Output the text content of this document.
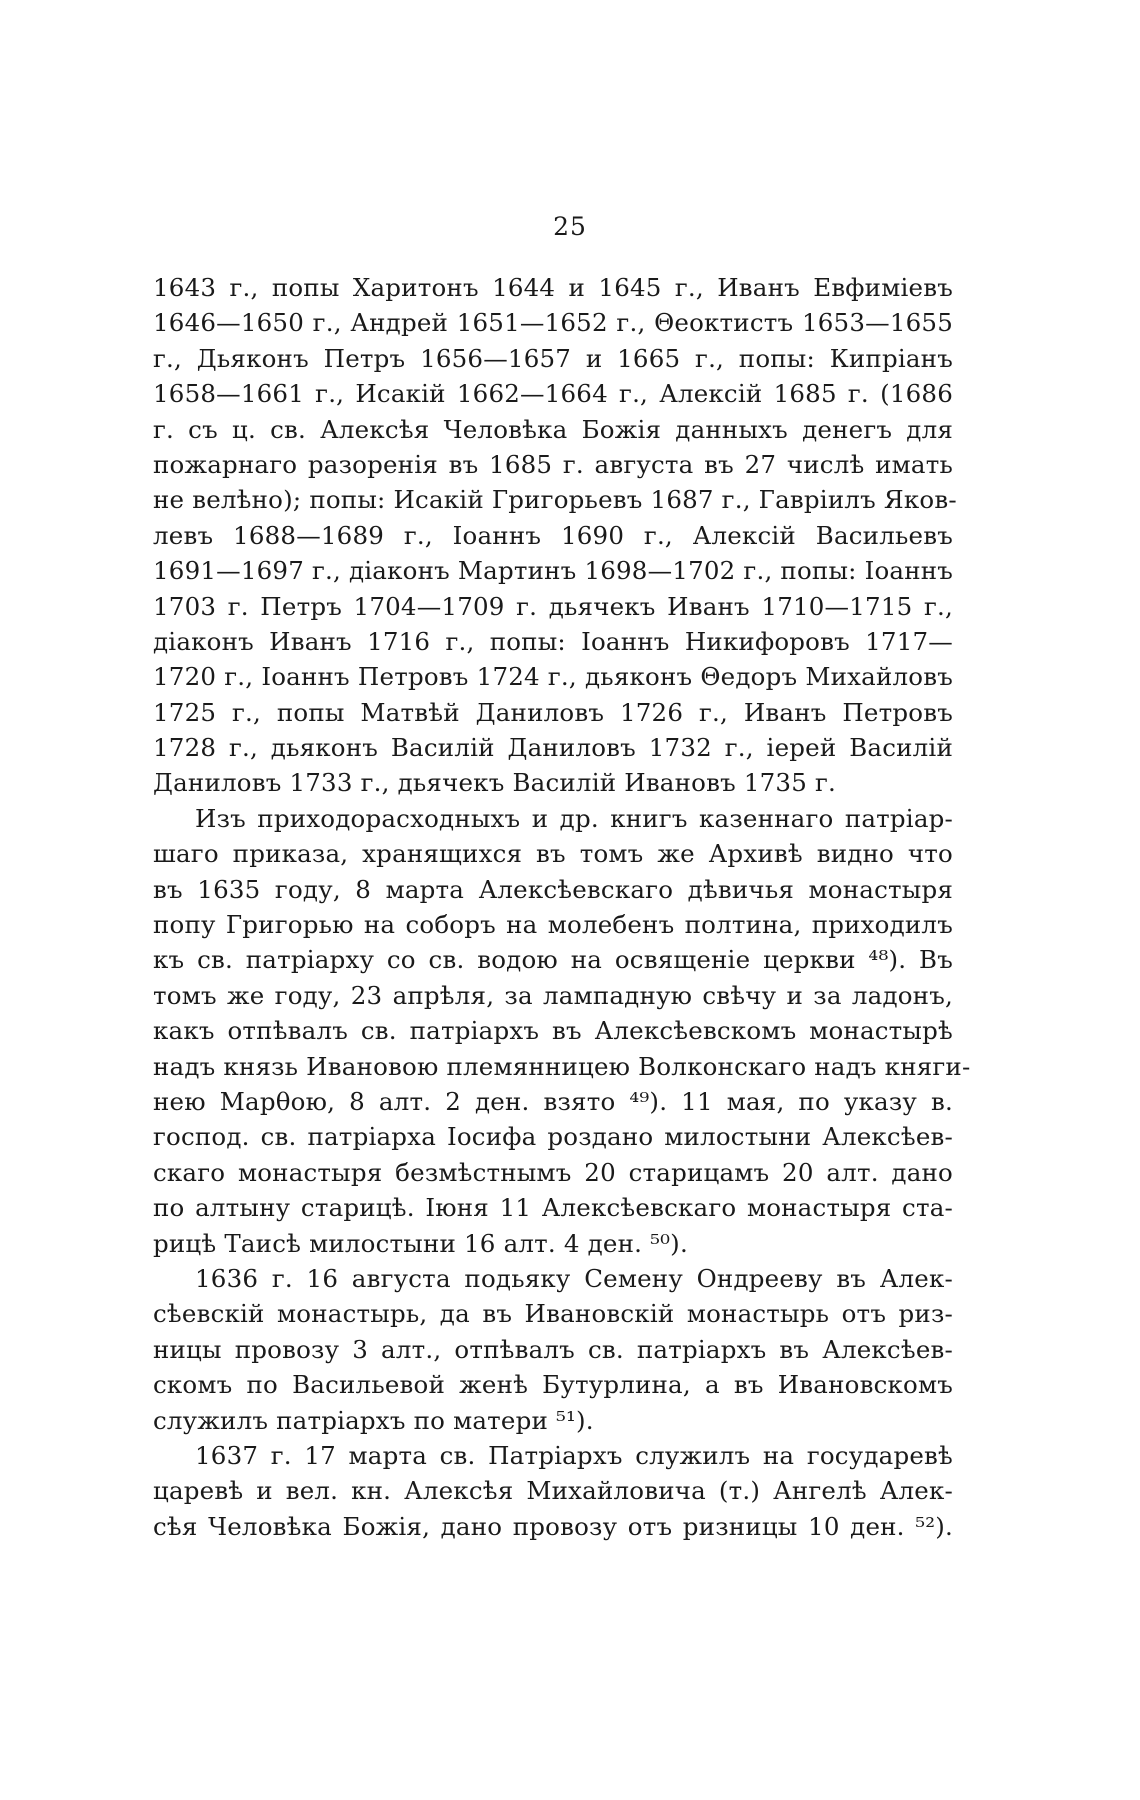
25
1643 г., попы Харитонъ 1644 и 1645 г., Иванъ Евфиміевъ
1646—1650 г., Андрей 1651—1652 г., Θеоктистъ 1653—1655
г., Дьяконъ Петръ 1656—1657 и 1665 г., попы: Кипріанъ
1658—1661 г., Исакій 1662—1664 г., Алексій 1685 г. (1686
г. съ ц. св. Алексѣя Человѣка Божія данныхъ денегъ для
пожарнаго разоренія въ 1685 г. августа въ 27 числѣ имать
не велѣно); попы: Исакій Григорьевъ 1687 г., Гавріилъ Яков-
левъ 1688—1689 г., Іоаннъ 1690 г., Алексій Васильевъ
1691—1697 г., діаконъ Мартинъ 1698—1702 г., попы: Іоаннъ
1703 г. Петръ 1704—1709 г. дьячекъ Иванъ 1710—1715 г.,
діаконъ Иванъ 1716 г., попы: Іоаннъ Никифоровъ 1717—
1720 г., Іоаннъ Петровъ 1724 г., дьяконъ Θедоръ Михайловъ
1725 г., попы Матвѣй Даниловъ 1726 г., Иванъ Петровъ
1728 г., дьяконъ Василій Даниловъ 1732 г., іерей Василій
Даниловъ 1733 г., дьячекъ Василій Ивановъ 1735 г.
Изъ приходорасходныхъ и др. книгъ казеннаго патріар-
шаго приказа, хранящихся въ томъ же Архивѣ видно что
въ 1635 году, 8 марта Алексѣевскаго дѣвичья монастыря
попу Григорью на соборъ на молебенъ полтина, приходилъ
къ св. патріарху со св. водою на освященіе церкви ⁴⁸). Въ
томъ же году, 23 апрѣля, за лампадную свѣчу и за ладонъ,
какъ отпѣвалъ св. патріархъ въ Алексѣевскомъ монастырѣ
надъ князь Ивановою племянницею Волконскаго надъ княги-
нею Марθою, 8 алт. 2 ден. взято ⁴⁹). 11 мая, по указу в.
господ. св. патріарха Іосифа роздано милостыни Алексѣев-
скаго монастыря безмѣстнымъ 20 старицамъ 20 алт. дано
по алтыну старицѣ. Іюня 11 Алексѣевскаго монастыря ста-
рицѣ Таисѣ милостыни 16 алт. 4 ден. ⁵⁰).
1636 г. 16 августа подьяку Семену Ондрееву въ Алек-
сѣевскій монастырь, да въ Ивановскій монастырь отъ риз-
ницы провозу 3 алт., отпѣвалъ св. патріархъ въ Алексѣев-
скомъ по Васильевой женѣ Бутурлина, а въ Ивановскомъ
служилъ патріархъ по матери ⁵¹).
1637 г. 17 марта св. Патріархъ служилъ на государевѣ
царевѣ и вел. кн. Алексѣя Михайловича (т.) Ангелѣ Алек-
сѣя Человѣка Божія, дано провозу отъ ризницы 10 ден. ⁵²).
